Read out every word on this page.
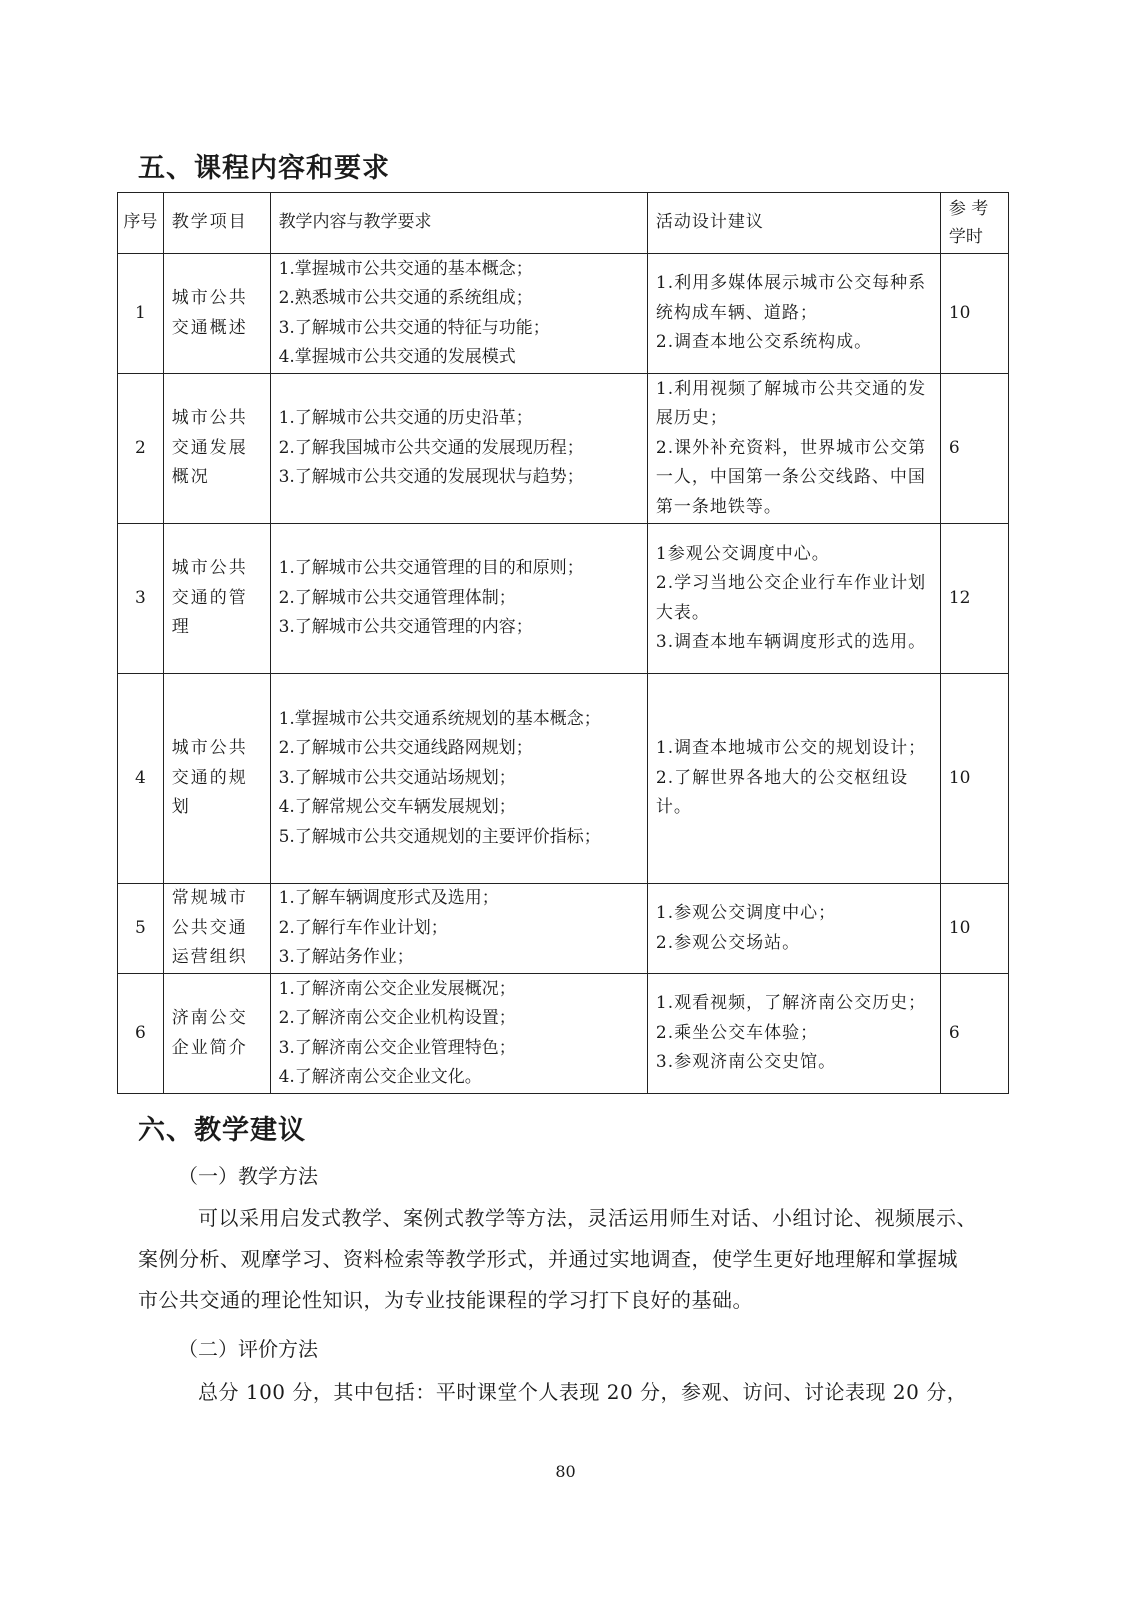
五、课程内容和要求
序号	教学项目	教学内容与教学要求	活动设计建议	参 考
学时
1	城市公共交通概述	1.掌握城市公共交通的基本概念；
2.熟悉城市公共交通的系统组成；
3.了解城市公共交通的特征与功能；
4.掌握城市公共交通的发展模式	1.利用多媒体展示城市公交每种系统构成车辆、道路；
2.调查本地公交系统构成。	10
2	城市公共交通发展概况	1.了解城市公共交通的历史沿革；
2.了解我国城市公共交通的发展现历程；
3.了解城市公共交通的发展现状与趋势；	1.利用视频了解城市公共交通的发展历史；
2.课外补充资料，世界城市公交第一人，中国第一条公交线路、中国第一条地铁等。	6
3	城市公共交通的管理	1.了解城市公共交通管理的目的和原则；
2.了解城市公共交通管理体制；
3.了解城市公共交通管理的内容；	1参观公交调度中心。
2.学习当地公交企业行车作业计划大表。
3.调查本地车辆调度形式的选用。	12
4	城市公共交通的规划	1.掌握城市公共交通系统规划的基本概念；
2.了解城市公共交通线路网规划；
3.了解城市公共交通站场规划；
4.了解常规公交车辆发展规划；
5.了解城市公共交通规划的主要评价指标；	1.调查本地城市公交的规划设计；
2.了解世界各地大的公交枢纽设计。	10
5	常规城市公共交通运营组织	1.了解车辆调度形式及选用；
2.了解行车作业计划；
3.了解站务作业；	1.参观公交调度中心；
2.参观公交场站。	10
6	济南公交企业简介	1.了解济南公交企业发展概况；
2.了解济南公交企业机构设置；
3.了解济南公交企业管理特色；
4.了解济南公交企业文化。	1.观看视频，了解济南公交历史；
2.乘坐公交车体验；
3.参观济南公交史馆。	6
六、教学建议
（一）教学方法
可以采用启发式教学、案例式教学等方法，灵活运用师生对话、小组讨论、视频展示、案例分析、观摩学习、资料检索等教学形式，并通过实地调查，使学生更好地理解和掌握城市公共交通的理论性知识，为专业技能课程的学习打下良好的基础。
（二）评价方法
总分 100 分，其中包括：平时课堂个人表现 20 分，参观、访问、讨论表现 20 分，
80
